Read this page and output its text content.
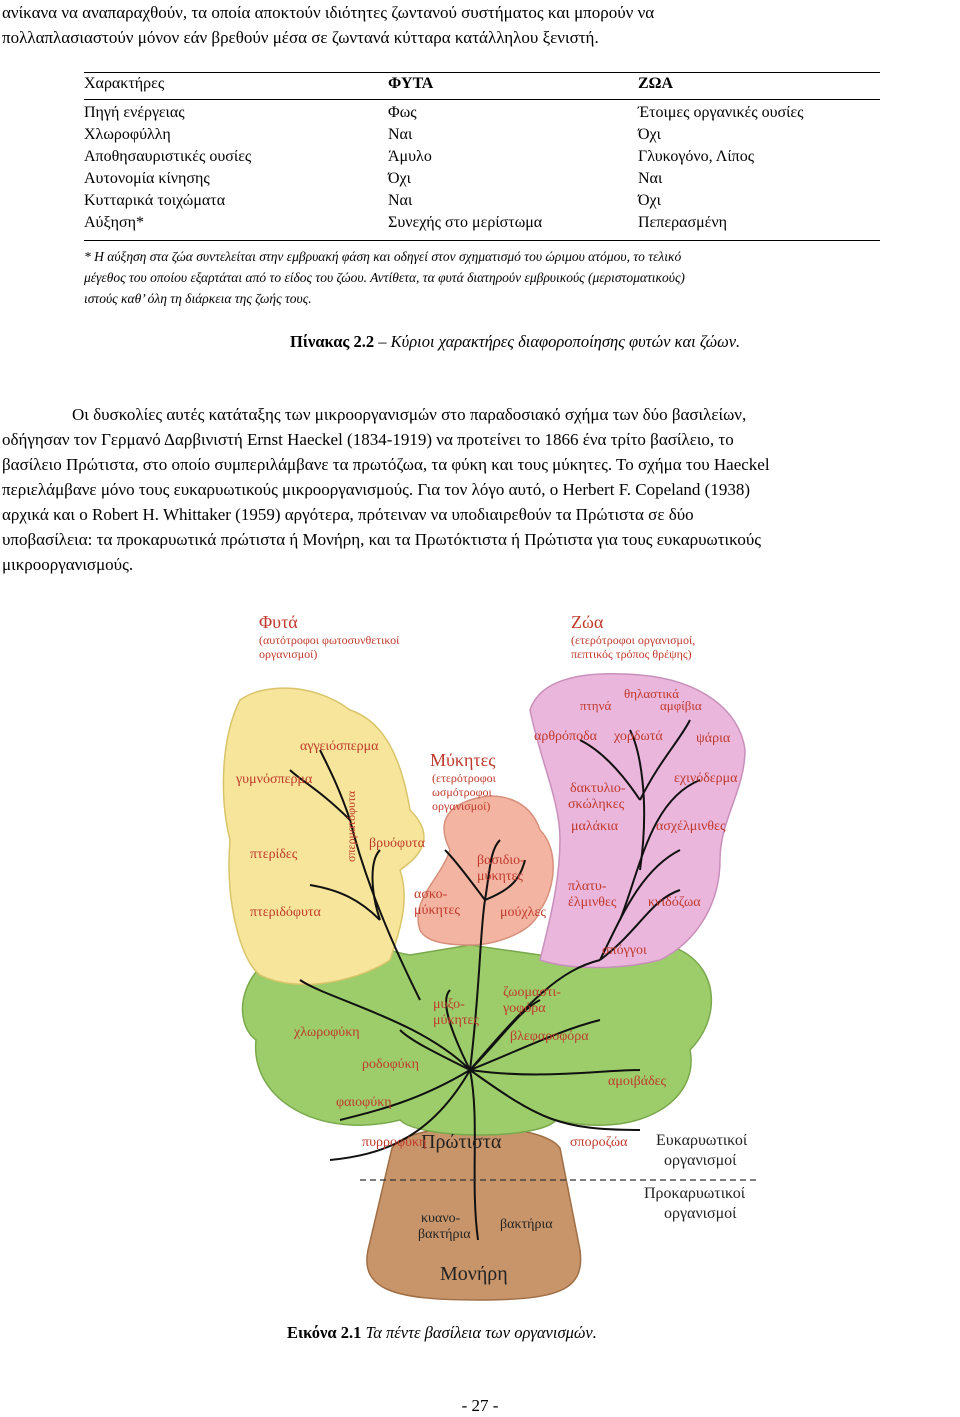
ανίκανα να αναπαραχθούν, τα οποία αποκτούν ιδιότητες ζωντανού συστήματος και μπορούν να
πολλαπλασιαστούν μόνον εάν βρεθούν μέσα σε ζωντανά κύτταρα κατάλληλου ξενιστή.
Χαρακτήρες	ΦΥΤΑ	ΖΩΑ
Πηγή ενέργειας	Φως	Έτοιμες οργανικές ουσίες
Χλωροφύλλη	Ναι	Όχι
Αποθησαυριστικές ουσίες	Άμυλο	Γλυκογόνο, Λίπος
Αυτονομία κίνησης	Όχι	Ναι
Κυτταρικά τοιχώματα	Ναι	Όχι
Αύξηση*	Συνεχής στο μερίστωμα	Πεπερασμένη
* Η αύξηση στα ζώα συντελείται στην εμβρυακή φάση και οδηγεί στον σχηματισμό του ώριμου ατόμου, το τελικό
μέγεθος του οποίου εξαρτάται από το είδος του ζώου. Αντίθετα, τα φυτά διατηρούν εμβρυικούς (μεριστοματικούς)
ιστούς καθ’ όλη τη διάρκεια της ζωής τους.
Πίνακας 2.2 – Κύριοι χαρακτήρες διαφοροποίησης φυτών και ζώων.
Οι δυσκολίες αυτές κατάταξης των μικροοργανισμών στο παραδοσιακό σχήμα των δύο βασιλείων,
οδήγησαν τον Γερμανό Δαρβινιστή Ernst Haeckel (1834-1919) να προτείνει το 1866 ένα τρίτο βασίλειο, το
βασίλειο Πρώτιστα, στο οποίο συμπεριλάμβανε τα πρωτόζωα, τα φύκη και τους μύκητες. Το σχήμα του Haeckel
περιελάμβανε μόνο τους ευκαρυωτικούς μικροοργανισμούς. Για τον λόγο αυτό, ο Herbert F. Copeland (1938)
αρχικά και ο Robert H. Whittaker (1959) αργότερα, πρότειναν να υποδιαιρεθούν τα Πρώτιστα σε δύο
υποβασίλεια: τα προκαρυωτικά πρώτιστα ή Μονήρη, και τα Πρωτόκτιστα ή Πρώτιστα για τους ευκαρυωτικούς
μικροοργανισμούς.
Φυτά
(αυτότροφοι φωτοσυνθετικοί
οργανισμοί)
Ζώα
(ετερότροφοι οργανισμοί,
πεπτικός τρόπος θρέψης)
Μύκητες
(ετερότροφοι
ωσμότροφοι
οργανισμοί)
Πρώτιστα
Μονήρη
αγγειόσπερμα
γυμνόσπερμα
σπερματόφυτα
πτερίδες
βρυόφυτα
πτεριδόφυτα
πτηνά
θηλαστικά
αμφίβια
αρθρόποδα χορδωτά ψάρια
δακτυλιο-
σκώληκες
εχινόδερμα
μαλάκια	ασχέλμινθες
πλατυ-
έλμινθες κνιδόζωα
σπόγγοι
βασιδιο-
μύκητες
ασκο-
μύκητες	μούχλες
χλωροφύκη
μυξο-
μύκητες
ζωομαστι-
γοφόρα
ροδοφύκη
βλεφαροφόρα
φαιοφύκη
αμοιβάδες
πυρροφύκη	σποροζώα
κυανο-
βακτήρια
βακτήρια
Ευκαρυωτικοί
οργανισμοί
Προκαρυωτικοί
οργανισμοί
Εικόνα 2.1 Τα πέντε βασίλεια των οργανισμών.
- 27 -
